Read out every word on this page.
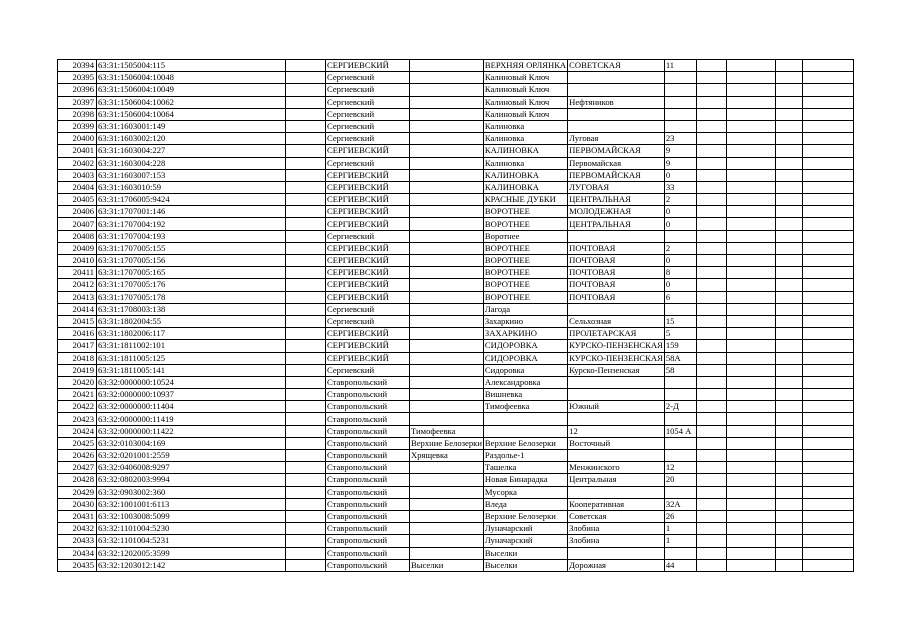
20394	63:31:1505004:115		СЕРГИЕВСКИЙ		ВЕРХНЯЯ ОРЛЯНКА	СОВЕТСКАЯ	11				
20395	63:31:1506004:10048		Сергиевский		Калиновый Ключ						
20396	63:31:1506004:10049		Сергиевский		Калиновый Ключ						
20397	63:31:1506004:10062		Сергиевский		Калиновый Ключ	Нефтяников					
20398	63:31:1506004:10064		Сергиевский		Калиновый Ключ						
20399	63:31:1603001:149		Сергиевский		Калиновка						
20400	63:31:1603002:120		Сергиевский		Калиновка	Луговая	23				
20401	63:31:1603004:227		СЕРГИЕВСКИЙ		КАЛИНОВКА	ПЕРВОМАЙСКАЯ	9				
20402	63:31:1603004:228		Сергиевский		Калиновка	Первомайская	9				
20403	63:31:1603007:153		СЕРГИЕВСКИЙ		КАЛИНОВКА	ПЕРВОМАЙСКАЯ	0				
20404	63:31:1603010:59		СЕРГИЕВСКИЙ		КАЛИНОВКА	ЛУГОВАЯ	33				
20405	63:31:1706005:9424		СЕРГИЕВСКИЙ		КРАСНЫЕ ДУБКИ	ЦЕНТРАЛЬНАЯ	2				
20406	63:31:1707001:146		СЕРГИЕВСКИЙ		ВОРОТНЕЕ	МОЛОДЕЖНАЯ	0				
20407	63:31:1707004:192		СЕРГИЕВСКИЙ		ВОРОТНЕЕ	ЦЕНТРАЛЬНАЯ	0				
20408	63:31:1707004:193		Сергиевский		Воротнее						
20409	63:31:1707005:155		СЕРГИЕВСКИЙ		ВОРОТНЕЕ	ПОЧТОВАЯ	2				
20410	63:31:1707005:156		СЕРГИЕВСКИЙ		ВОРОТНЕЕ	ПОЧТОВАЯ	0				
20411	63:31:1707005:165		СЕРГИЕВСКИЙ		ВОРОТНЕЕ	ПОЧТОВАЯ	8				
20412	63:31:1707005:176		СЕРГИЕВСКИЙ		ВОРОТНЕЕ	ПОЧТОВАЯ	0				
20413	63:31:1707005:178		СЕРГИЕВСКИЙ		ВОРОТНЕЕ	ПОЧТОВАЯ	6				
20414	63:31:1708003:138		Сергиевский		Лагода						
20415	63:31:1802004:55		Сергиевский		Захаркино	Сельхозная	15				
20416	63:31:1802006:117		СЕРГИЕВСКИЙ		ЗАХАРКИНО	ПРОЛЕТАРСКАЯ	5				
20417	63:31:1811002:101		СЕРГИЕВСКИЙ		СИДОРОВКА	КУРСКО-ПЕНЗЕНСКАЯ	159				
20418	63:31:1811005:125		СЕРГИЕВСКИЙ		СИДОРОВКА	КУРСКО-ПЕНЗЕНСКАЯ	58А				
20419	63:31:1811005:141		Сергиевский		Сидоровка	Курско-Пензенская	58				
20420	63:32:0000000:10524		Ставропольский		Александровка						
20421	63:32:0000000:10937		Ставропольский		Вишневка						
20422	63:32:0000000:11404		Ставропольский		Тимофеевка	Южный	2-Д				
20423	63:32:0000000:11419		Ставропольский								
20424	63:32:0000000:11422		Ставропольский	Тимофеевка		12	1054 А				
20425	63:32:0103004:169		Ставропольский	Верхние Белозерки	Верхние Белозерки	Восточный					
20426	63:32:0201001:2559		Ставропольский	Хрящевка	Раздолье-1						
20427	63:32:0406008:9297		Ставропольский		Ташелка	Менжинского	12				
20428	63:32:0802003:9994		Ставропольский		Новая Бинарадка	Центральная	20				
20429	63:32:0903002:360		Ставропольский		Мусорка						
20430	63:32:1001001:6113		Ставропольский		Вледа	Кооперативная	32А				
20431	63:32:1003008:5099		Ставропольский		Верхние Белозерки	Советская	26				
20432	63:32:1101004:5230		Ставропольский		Луначарский	Злобина	1				
20433	63:32:1101004:5231		Ставропольский		Луначарский	Злобина	1				
20434	63:32:1202005:3599		Ставропольский		Выселки						
20435	63:32:1203012:142		Ставропольский	Выселки	Выселки	Дорожная	44				
